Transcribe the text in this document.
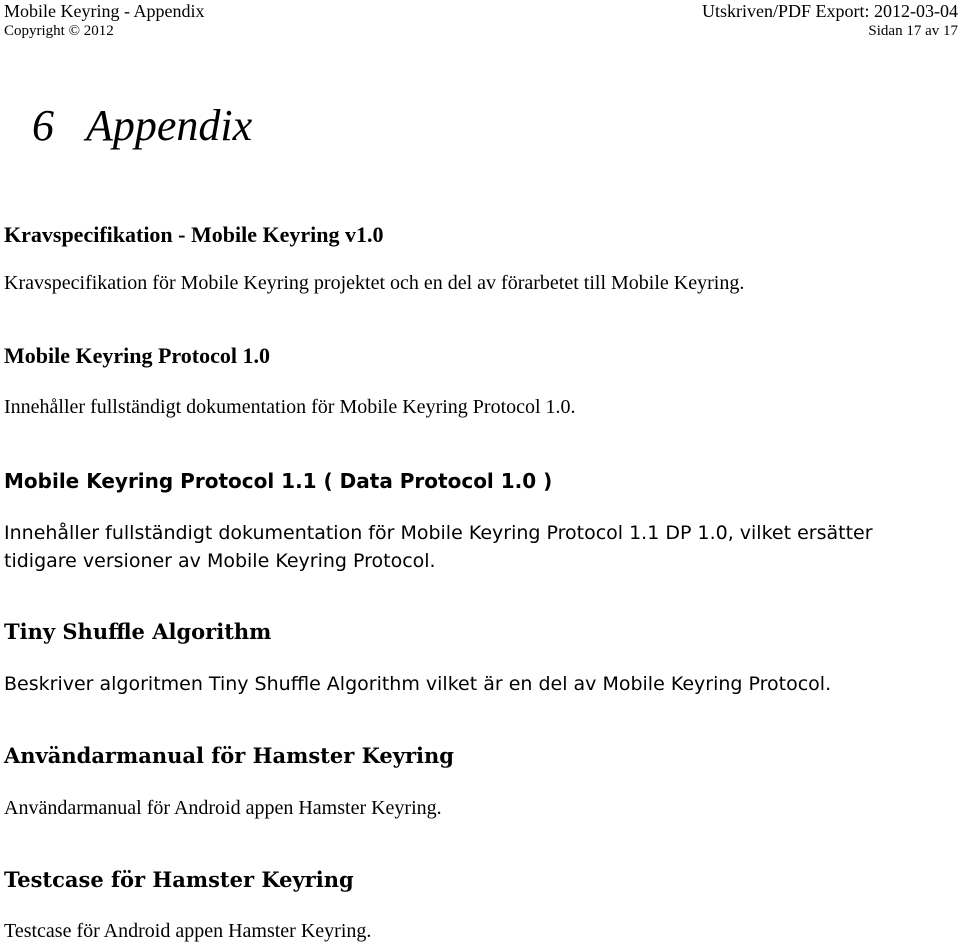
Mobile Keyring - Appendix
Copyright © 2012
Utskriven/PDF Export: 2012-03-04
Sidan 17 av 17
6 Appendix
Kravspecifikation - Mobile Keyring v1.0

Kravspecifikation för Mobile Keyring projektet och en del av förarbetet till Mobile Keyring.

Mobile Keyring Protocol 1.0

Innehåller fullständigt dokumentation för Mobile Keyring Protocol 1.0.

Mobile Keyring Protocol 1.1 ( Data Protocol 1.0 )

Innehåller fullständigt dokumentation för Mobile Keyring Protocol 1.1 DP 1.0, vilket ersätter

tidigare versioner av Mobile Keyring Protocol.

Tiny Shuffle Algorithm

Beskriver algoritmen Tiny Shuffle Algorithm vilket är en del av Mobile Keyring Protocol.

Användarmanual för Hamster Keyring

Användarmanual för Android appen Hamster Keyring.

Testcase för Hamster Keyring

Testcase för Android appen Hamster Keyring.
